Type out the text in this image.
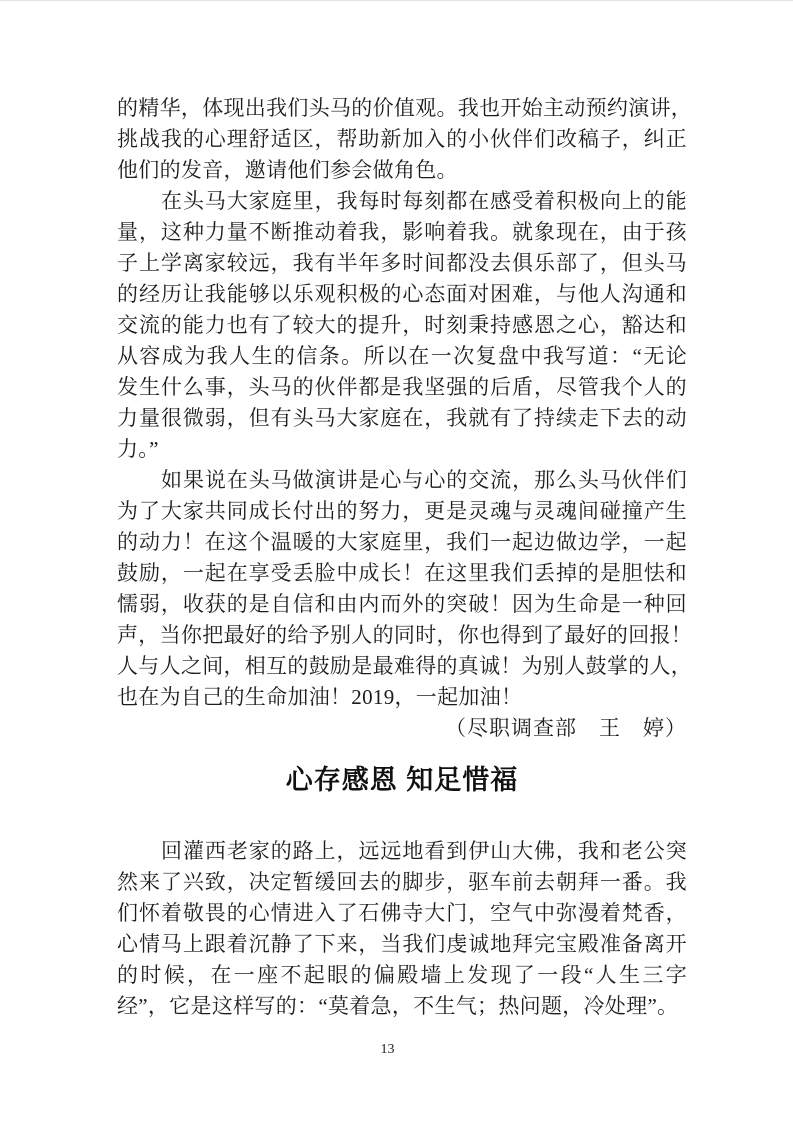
的精华，体现出我们头马的价值观。我也开始主动预约演讲，
挑战我的心理舒适区，帮助新加入的小伙伴们改稿子，纠正
他们的发音，邀请他们参会做角色。
在头马大家庭里，我每时每刻都在感受着积极向上的能
量，这种力量不断推动着我，影响着我。就象现在，由于孩
子上学离家较远，我有半年多时间都没去俱乐部了，但头马
的经历让我能够以乐观积极的心态面对困难，与他人沟通和
交流的能力也有了较大的提升，时刻秉持感恩之心，豁达和
从容成为我人生的信条。所以在一次复盘中我写道：“无论
发生什么事，头马的伙伴都是我坚强的后盾，尽管我个人的
力量很微弱，但有头马大家庭在，我就有了持续走下去的动
力。”
如果说在头马做演讲是心与心的交流，那么头马伙伴们
为了大家共同成长付出的努力，更是灵魂与灵魂间碰撞产生
的动力！在这个温暖的大家庭里，我们一起边做边学，一起
鼓励，一起在享受丢脸中成长！在这里我们丢掉的是胆怯和
懦弱，收获的是自信和由内而外的突破！因为生命是一种回
声，当你把最好的给予别人的同时，你也得到了最好的回报！
人与人之间，相互的鼓励是最难得的真诚！为别人鼓掌的人，
也在为自己的生命加油！2019，一起加油！
（尽职调查部　王　婷）
心存感恩 知足惜福
回灌西老家的路上，远远地看到伊山大佛，我和老公突
然来了兴致，决定暂缓回去的脚步，驱车前去朝拜一番。我
们怀着敬畏的心情进入了石佛寺大门，空气中弥漫着梵香，
心情马上跟着沉静了下来，当我们虔诚地拜完宝殿准备离开
的时候，在一座不起眼的偏殿墙上发现了一段“人生三字
经”，它是这样写的：“莫着急，不生气；热问题，冷处理”。
13
